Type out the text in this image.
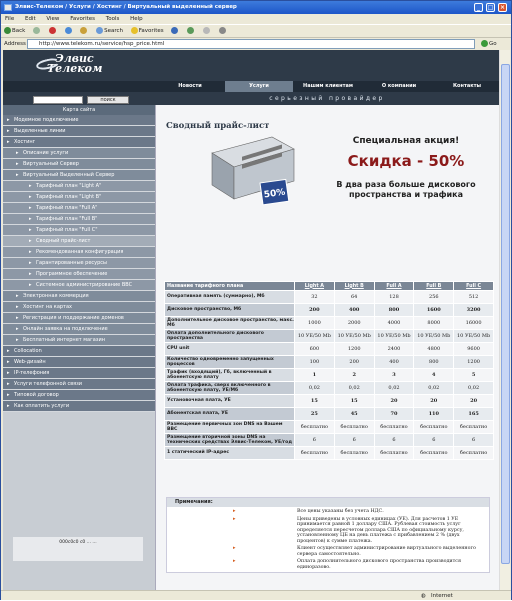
Элвис-Телеком / Услуги / Хостинг / Виртуальный выделенный сервер	_	□	×
File Edit View Favorites Tools Help
Back	Search	Favorites
Address	http://www.telekom.ru/service/hsp_price.html	Go
Элвис
Телеком
Новости	Услуги	Нашим клиентам	О компании	Контакты
поиск	серьезный провайдер
Карта сайта
▸ Модемное подключение
▸ Выделенные линии
▸ Хостинг
▸ Описание услуги
▸ Виртуальный Сервер
▸ Виртуальный Выделенный Сервер
▸ Тарифный план "Light A"
▸ Тарифный план "Light B"
▸ Тарифный план "Full A"
▸ Тарифный план "Full B"
▸ Тарифный план "Full C"
▸ Сводный прайс-лист
▸ Рекомендованная конфигурация
▸ Гарантированные ресурсы
▸ Программное обеспечение
▸ Системное администрирование ВВС
▸ Электронная коммерция
▸ Хостинг на картах
▸ Регистрация и поддержание доменов
▸ Онлайн заявка на подключение
▸ Бесплатный интернет магазин
▸ Collocation
▸ Web-дизайн
▸ IP-телефония
▸ Услуги телефонной связи
▸ Типовой договор
▸ Как оплатить услуги
000c0c0 c0 ... ...
Сводный прайс-лист
50%
Специальная акция!
Скидка - 50%
В два раза больше дискового пространства и трафика
Название тарифного плана	Light A	Light B	Full A	Full B	Full C
Оперативная память (суммарно), Мб	32	64	128	256	512
Дисковое пространство, Мб	200	400	800	1600	3200
Дополнительное дисковое пространство, макс. Мб	1000	2000	4000	8000	16000
Оплата дополнительного дискового пространства	10 УЕ/50 Мb	10 УЕ/50 Мb	10 УЕ/50 Мb	10 УЕ/50 Мb	10 УЕ/50 Мb
CPU unit	600	1200	2400	4800	9600
Количество одновременно запущенных процессов	100	200	400	800	1200
Трафик (входящий), Гб, включенный в абонентскую плату	1	2	3	4	5
Оплата трафика, сверх включенного в абонентскую плату, УЕ/Мб	0,02	0,02	0,02	0,02	0,02
Установочная плата, УЕ	15	15	20	20	20
Абонентская плата, УЕ	25	45	70	110	165
Размещение первичных зон DNS на Вашем ВВС	бесплатно	бесплатно	бесплатно	бесплатно	бесплатно
Размещение вторичной зоны DNS на технических средствах Элвис-Телеком, УЕ/год	6	6	6	6	6
1 статический IP-адрес	бесплатно	бесплатно	бесплатно	бесплатно	бесплатно
Примечания:
▸	Все цены указаны без учета НДС.
▸	Цены приведены в условных единицах (УЕ). Для расчетов 1 УЕ принимается равной 1 доллару США. Рублевая стоимость услуг определяется пересчетом доллара США по официальному курсу, установленному ЦБ на день платежа с прибавлением 2 % (двух процентов) к сумме платежа.
▸	Клиент осуществляет администрирование виртуального выделенного сервера самостоятельно.
▸	Оплата дополнительного дискового пространства производится единоразово.
◍ Internet
